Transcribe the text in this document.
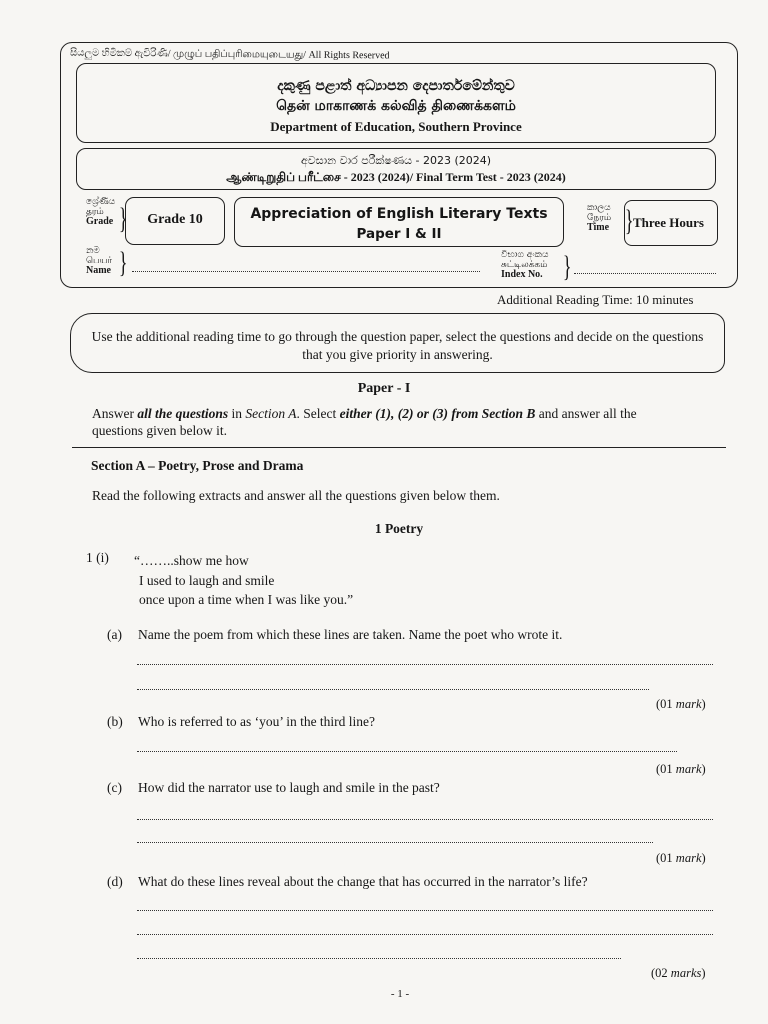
සියලුම හිමිකම් ඇවිරිණි/ முழுப் பதிப்புரிமையுடையது/ All Rights Reserved
දකුණු පළාත් අධ්‍යාපන දෙපාර්තමේන්තුව
தென் மாகாணக் கல்வித் திணைக்களம்
Department of Education, Southern Province
අවසාන වාර පරීක්ෂණය - 2023 (2024)
ஆண்டிறுதிப் பரீட்சை - 2023 (2024)/ Final Term Test - 2023 (2024)
ශ්‍රේණිය
தரம்
Grade }	Grade 10	Appreciation of English Literary Texts
Paper I & II
කාලය
நேரம்
Time } Three Hours
නම
பெயர்
Name }	විභාග අංකය
சுட்டிலக்கம்
Index No. }
Additional Reading Time: 10 minutes
Use the additional reading time to go through the question paper, select the questions and decide on the questions that you give priority in answering.
Paper - I
Answer all the questions in Section A. Select either (1), (2) or (3) from Section B and answer all the
questions given below it.
Section A – Poetry, Prose and Drama
Read the following extracts and answer all the questions given below them.
1 Poetry
1 (i) “……..show me how
I used to laugh and smile
once upon a time when I was like you.”
(a) Name the poem from which these lines are taken. Name the poet who wrote it.
(01 mark)
(b) Who is referred to as ‘you’ in the third line?
(01 mark)
(c) How did the narrator use to laugh and smile in the past?
(01 mark)
(d) What do these lines reveal about the change that has occurred in the narrator’s life?
(02 marks)
- 1 -
